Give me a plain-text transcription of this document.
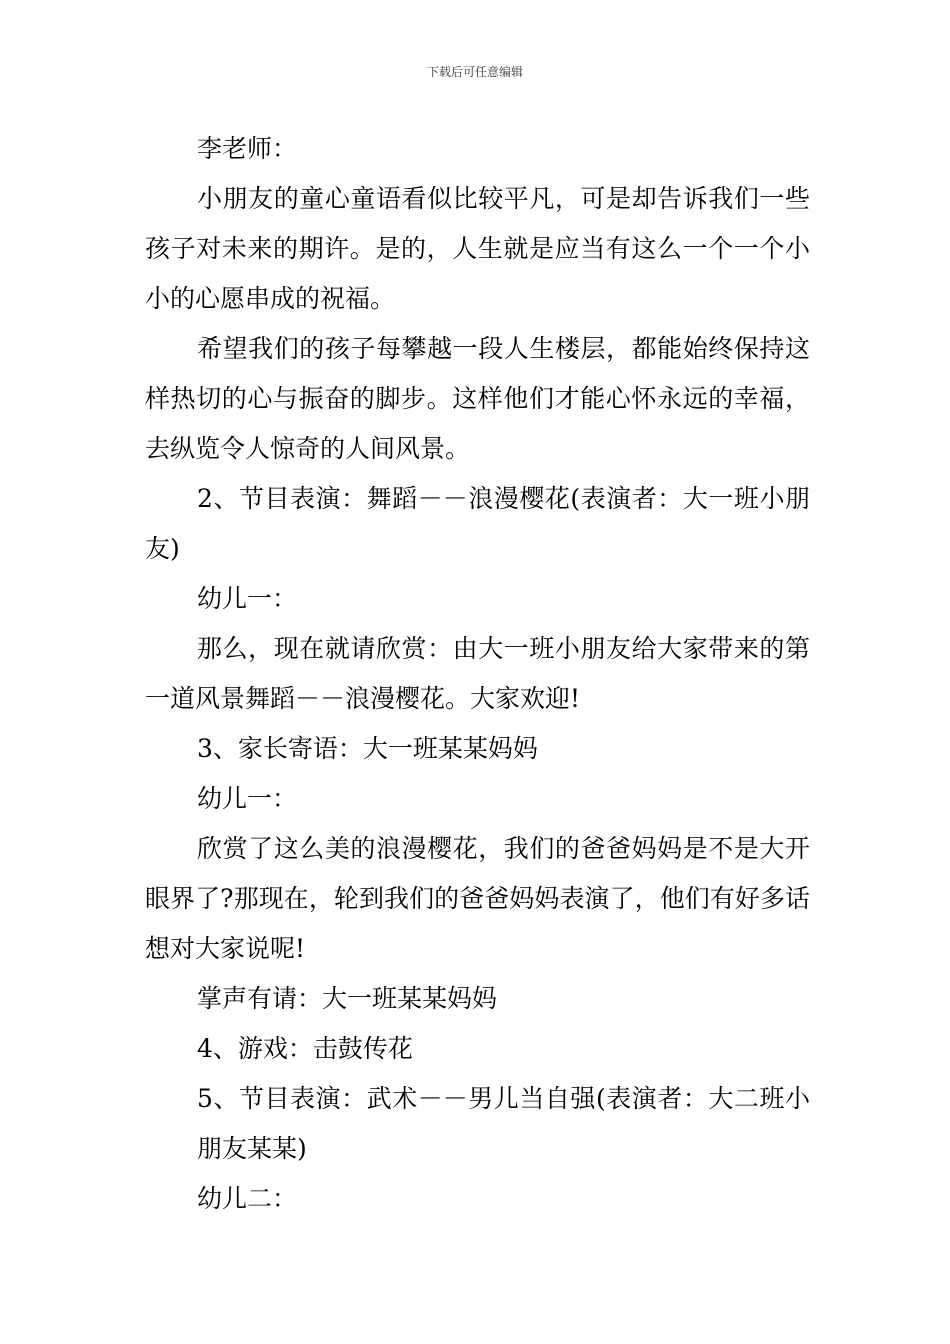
下载后可任意编辑

李老师：

小朋友的童心童语看似比较平凡，可是却告诉我们一些孩子对未来的期许。是的，人生就是应当有这么一个一个小小的心愿串成的祝福。

希望我们的孩子每攀越一段人生楼层，都能始终保持这样热切的心与振奋的脚步。这样他们才能心怀永远的幸福，去纵览令人惊奇的人间风景。

2、节目表演：舞蹈－－浪漫樱花(表演者：大一班小朋友)

幼儿一：

那么，现在就请欣赏：由大一班小朋友给大家带来的第一道风景舞蹈－－浪漫樱花。大家欢迎!

3、家长寄语：大一班某某妈妈

幼儿一：

欣赏了这么美的浪漫樱花，我们的爸爸妈妈是不是大开眼界了?那现在，轮到我们的爸爸妈妈表演了，他们有好多话想对大家说呢!

掌声有请：大一班某某妈妈

4、游戏：击鼓传花

5、节目表演：武术－－男儿当自强(表演者：大二班小朋友某某)

幼儿二：
